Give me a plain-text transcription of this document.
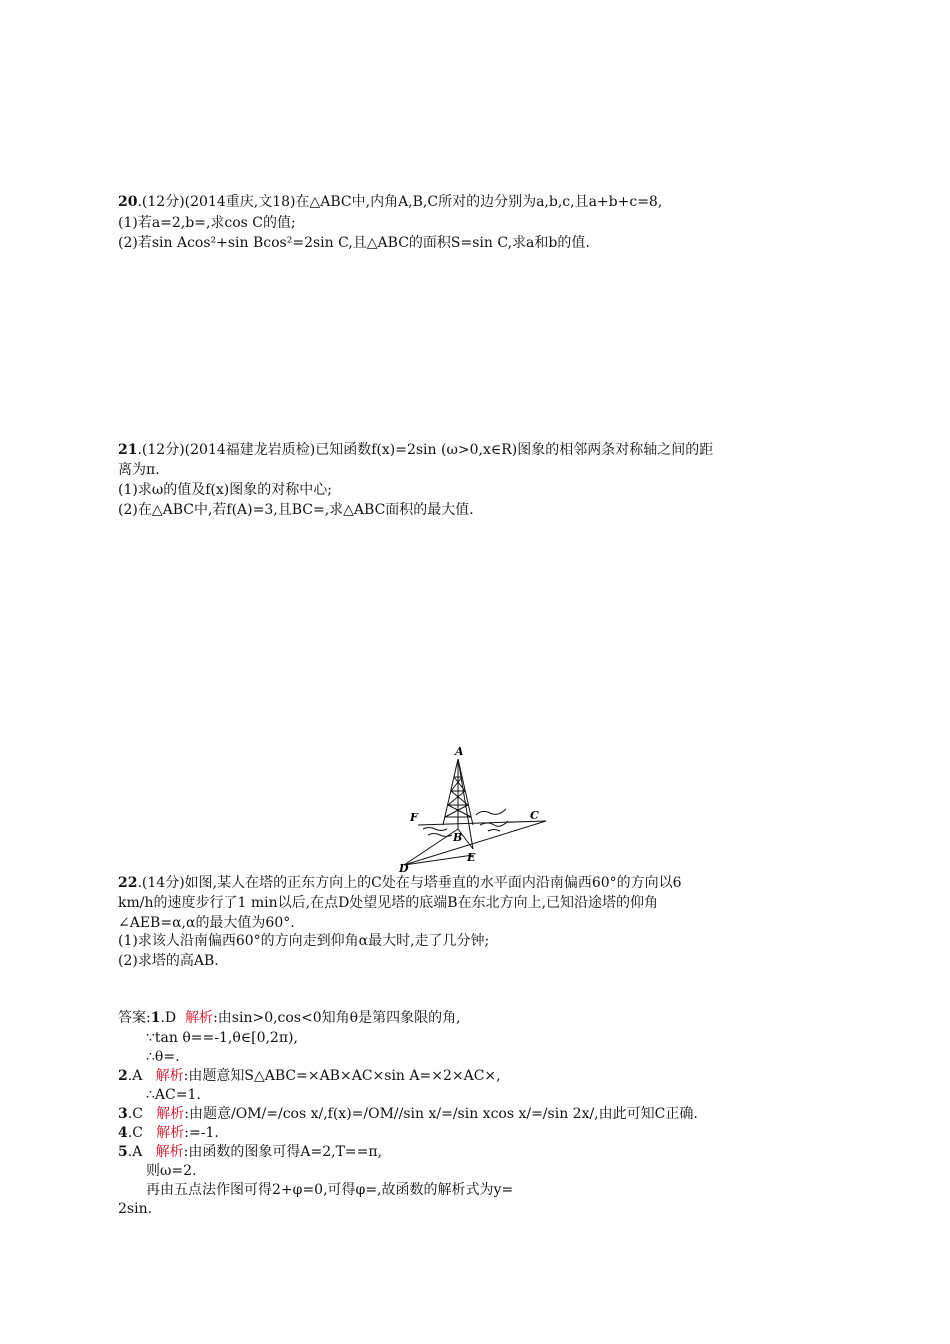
20.(12分)(2014重庆,文18)在△ABC中,内角A,B,C所对的边分别为a,b,c,且a+b+c=8,
(1)若a=2,b=,求cos C的值;
(2)若sin Acos²+sin Bcos²=2sin C,且△ABC的面积S=sin C,求a和b的值.
21.(12分)(2014福建龙岩质检)已知函数f(x)=2sin (ω>0,x∈R)图象的相邻两条对称轴之间的距
离为π.
(1)求ω的值及f(x)图象的对称中心;
(2)在△ABC中,若f(A)=3,且BC=,求△ABC面积的最大值.
A
B
C
D
E
F
22.(14分)如图,某人在塔的正东方向上的C处在与塔垂直的水平面内沿南偏西60°的方向以6
km/h的速度步行了1 min以后,在点D处望见塔的底端B在东北方向上,已知沿途塔的仰角
∠AEB=α,α的最大值为60°.
(1)求该人沿南偏西60°的方向走到仰角α最大时,走了几分钟;
(2)求塔的高AB.
答案:1.D 解析:由sin>0,cos<0知角θ是第四象限的角,
∵tan θ==-1,θ∈[0,2π),
∴θ=.
2.A 解析:由题意知S△ABC=×AB×AC×sin A=×2×AC×,
∴AC=1.
3.C 解析:由题意/OM/=/cos x/,f(x)=/OM//sin x/=/sin xcos x/=/sin 2x/,由此可知C正确.
4.C 解析:=-1.
5.A 解析:由函数的图象可得A=2,T==π,
则ω=2.
再由五点法作图可得2+φ=0,可得φ=,故函数的解析式为y=
2sin.
